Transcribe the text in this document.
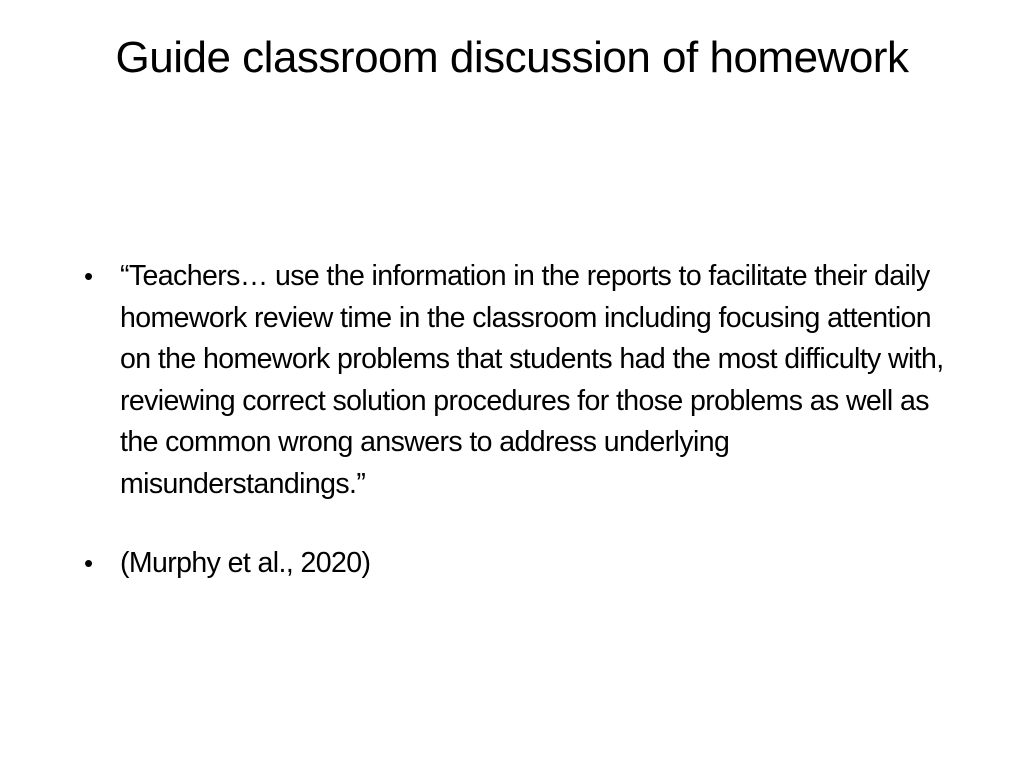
Guide classroom discussion of homework
• “Teachers… use the information in the reports to facilitate their daily homework review time in the classroom including focusing attention on the homework problems that students had the most difficulty with, reviewing correct solution procedures for those problems as well as the common wrong answers to address underlying misunderstandings.”
• (Murphy et al., 2020)
